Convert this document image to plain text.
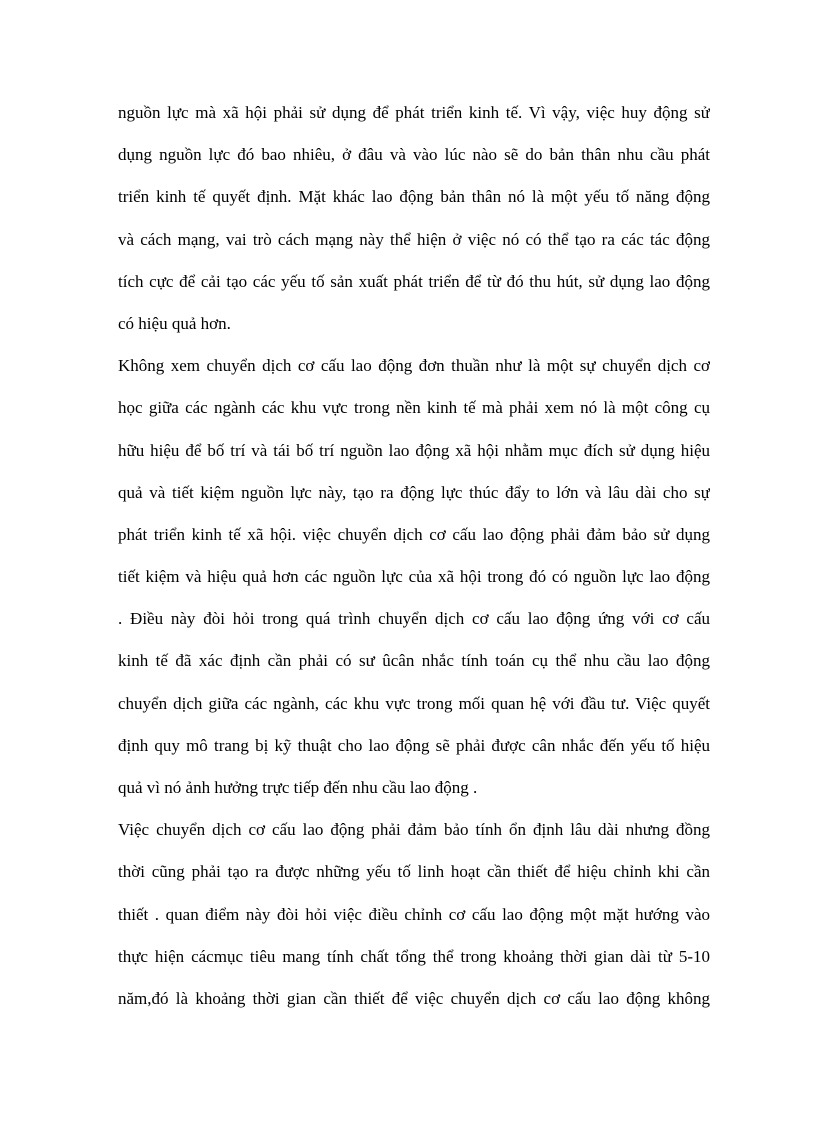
nguồn lực mà xã hội phải sử dụng để phát triển kinh tế. Vì vậy, việc huy động sử
dụng nguồn lực đó bao nhiêu, ở đâu và vào lúc nào sẽ do bản thân nhu cầu phát
triển kinh tế quyết định. Mặt khác lao động bản thân nó là một yếu tố năng động
và cách mạng, vai trò cách mạng này thể hiện ở việc nó có thể tạo ra các tác động
tích cực để cải tạo các yếu tố sản xuất phát triển để từ đó thu hút, sử dụng lao động
có hiệu quả hơn.
Không xem chuyển dịch cơ cấu lao động đơn thuần như là một sự chuyển dịch cơ
học giữa các ngành các khu vực trong nền kinh tế mà phải xem nó là một công cụ
hữu hiệu để bố trí và tái bố trí nguồn lao động xã hội nhằm mục đích sử dụng hiệu
quả và tiết kiệm nguồn lực này, tạo ra động lực thúc đẩy to lớn và lâu dài cho sự
phát triển kinh tế xã hội. việc chuyển dịch cơ cấu lao động phải đảm bảo sử dụng
tiết kiệm và hiệu quả hơn các nguồn lực của xã hội trong đó có nguồn lực lao động
. Điều này đòi hỏi trong quá trình chuyển dịch cơ cấu lao động ứng với cơ cấu
kinh tế đã xác định cần phải có sư ûcân nhắc tính toán cụ thể nhu cầu lao động
chuyển dịch giữa các ngành, các khu vực trong mối quan hệ với đầu tư. Việc quyết
định quy mô trang bị kỹ thuật cho lao động sẽ phải được cân nhắc đến yếu tố hiệu
quả vì nó ảnh hưởng trực tiếp đến nhu cầu lao động .
Việc chuyển dịch cơ cấu lao động phải đảm bảo tính ổn định lâu dài nhưng đồng
thời cũng phải tạo ra được những yếu tố linh hoạt cần thiết để hiệu chỉnh khi cần
thiết . quan điểm này đòi hỏi việc điều chỉnh cơ cấu lao động một mặt hướng vào
thực hiện cácmục tiêu mang tính chất tổng thể trong khoảng thời gian dài từ 5-10
năm,đó là khoảng thời gian cần thiết để việc chuyển dịch cơ cấu lao động không
